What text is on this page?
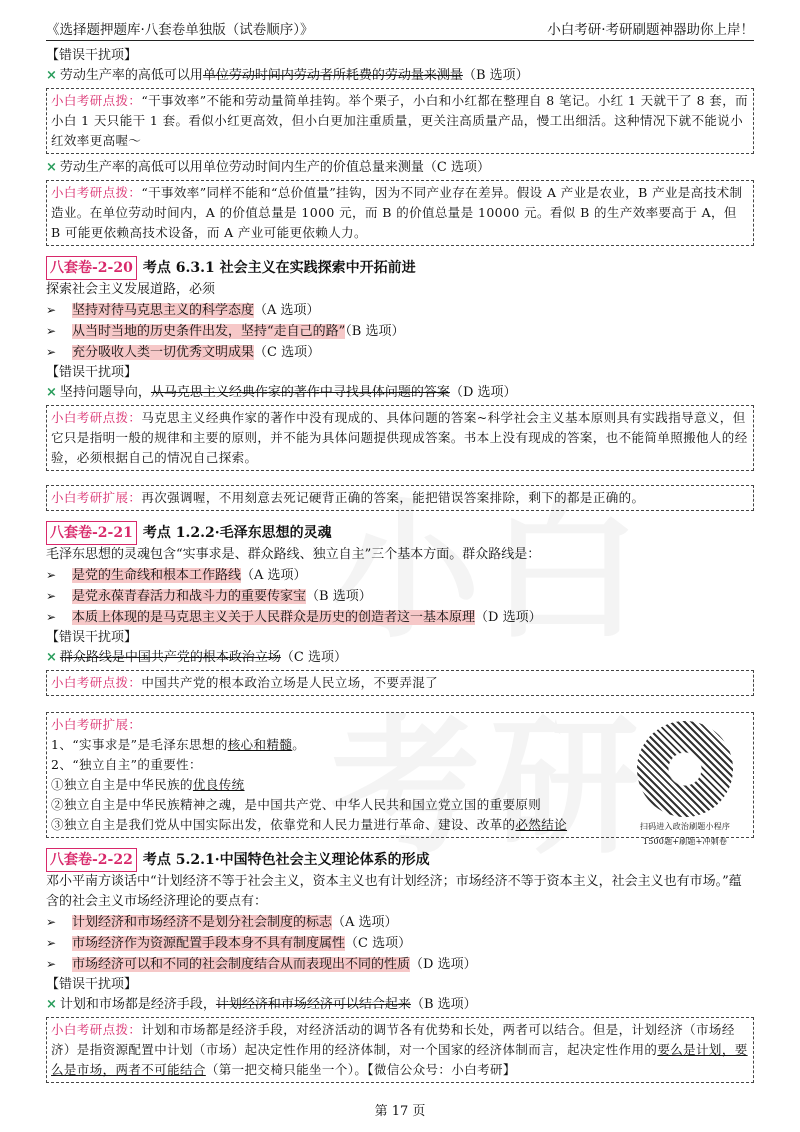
《选择题押题库·八套卷单独版（试卷顺序）》	小白考研·考研刷题神器助你上岸！
【错误干扰项】
× 劳动生产率的高低可以用单位劳动时间内劳动者所耗费的劳动量来测量（B 选项）
小白考研点拨：“干事效率”不能和劳动量简单挂钩。举个栗子，小白和小红都在整理自 8 笔记。小红 1 天就干了 8 套，而小白 1 天只能干 1 套。看似小红更高效，但小白更加注重质量，更关注高质量产品，慢工出细活。这种情况下就不能说小红效率更高喔～
× 劳动生产率的高低可以用单位劳动时间内生产的价值总量来测量（C 选项）
小白考研点拨：“干事效率”同样不能和“总价值量”挂钩，因为不同产业存在差异。假设 A 产业是农业，B 产业是高技术制造业。在单位劳动时间内，A 的价值总量是 1000 元，而 B 的价值总量是 10000 元。看似 B 的生产效率要高于 A，但 B 可能更依赖高技术设备，而 A 产业可能更依赖人力。
八套卷-2-20 考点 6.3.1 社会主义在实践探索中开拓前进
探索社会主义发展道路，必须
➢ 坚持对待马克思主义的科学态度（A 选项）
➢ 从当时当地的历史条件出发，坚持“走自己的路”（B 选项）
➢ 充分吸收人类一切优秀文明成果（C 选项）
【错误干扰项】
× 坚持问题导向，从马克思主义经典作家的著作中寻找具体问题的答案（D 选项）
小白考研点拨：马克思主义经典作家的著作中没有现成的、具体问题的答案~科学社会主义基本原则具有实践指导意义，但它只是指明一般的规律和主要的原则，并不能为具体问题提供现成答案。书本上没有现成的答案，也不能简单照搬他人的经验，必须根据自己的情况自己探索。
小白考研扩展：再次强调喔，不用刻意去死记硬背正确的答案，能把错误答案排除，剩下的都是正确的。
八套卷-2-21 考点 1.2.2·毛泽东思想的灵魂
毛泽东思想的灵魂包含“实事求是、群众路线、独立自主”三个基本方面。群众路线是：
➢ 是党的生命线和根本工作路线（A 选项）
➢ 是党永葆青春活力和战斗力的重要传家宝（B 选项）
➢ 本质上体现的是马克思主义关于人民群众是历史的创造者这一基本原理（D 选项）
【错误干扰项】
× 群众路线是中国共产党的根本政治立场（C 选项）
小白考研点拨：中国共产党的根本政治立场是人民立场，不要弄混了
小白考研扩展：
1、“实事求是”是毛泽东思想的核心和精髓。
2、“独立自主”的重要性：
①独立自主是中华民族的优良传统
②独立自主是中华民族精神之魂，是中国共产党、中华人民共和国立党立国的重要原则
③独立自主是我们党从中国实际出发，依靠党和人民力量进行革命、建设、改革的必然结论	扫码进入政治刷题小程序
1500题+刷题+冲刺卷
八套卷-2-22 考点 5.2.1·中国特色社会主义理论体系的形成
邓小平南方谈话中“计划经济不等于社会主义，资本主义也有计划经济；市场经济不等于资本主义，社会主义也有市场。”蕴含的社会主义市场经济理论的要点有：
➢ 计划经济和市场经济不是划分社会制度的标志（A 选项）
➢ 市场经济作为资源配置手段本身不具有制度属性（C 选项）
➢ 市场经济可以和不同的社会制度结合从而表现出不同的性质（D 选项）
【错误干扰项】
× 计划和市场都是经济手段，计划经济和市场经济可以结合起来（B 选项）
小白考研点拨：计划和市场都是经济手段，对经济活动的调节各有优势和长处，两者可以结合。但是，计划经济（市场经济）是指资源配置中计划（市场）起决定性作用的经济体制，对一个国家的经济体制而言，起决定性作用的要么是计划，要么是市场，两者不可能结合（第一把交椅只能坐一个）。【微信公众号：小白考研】
第 17 页
